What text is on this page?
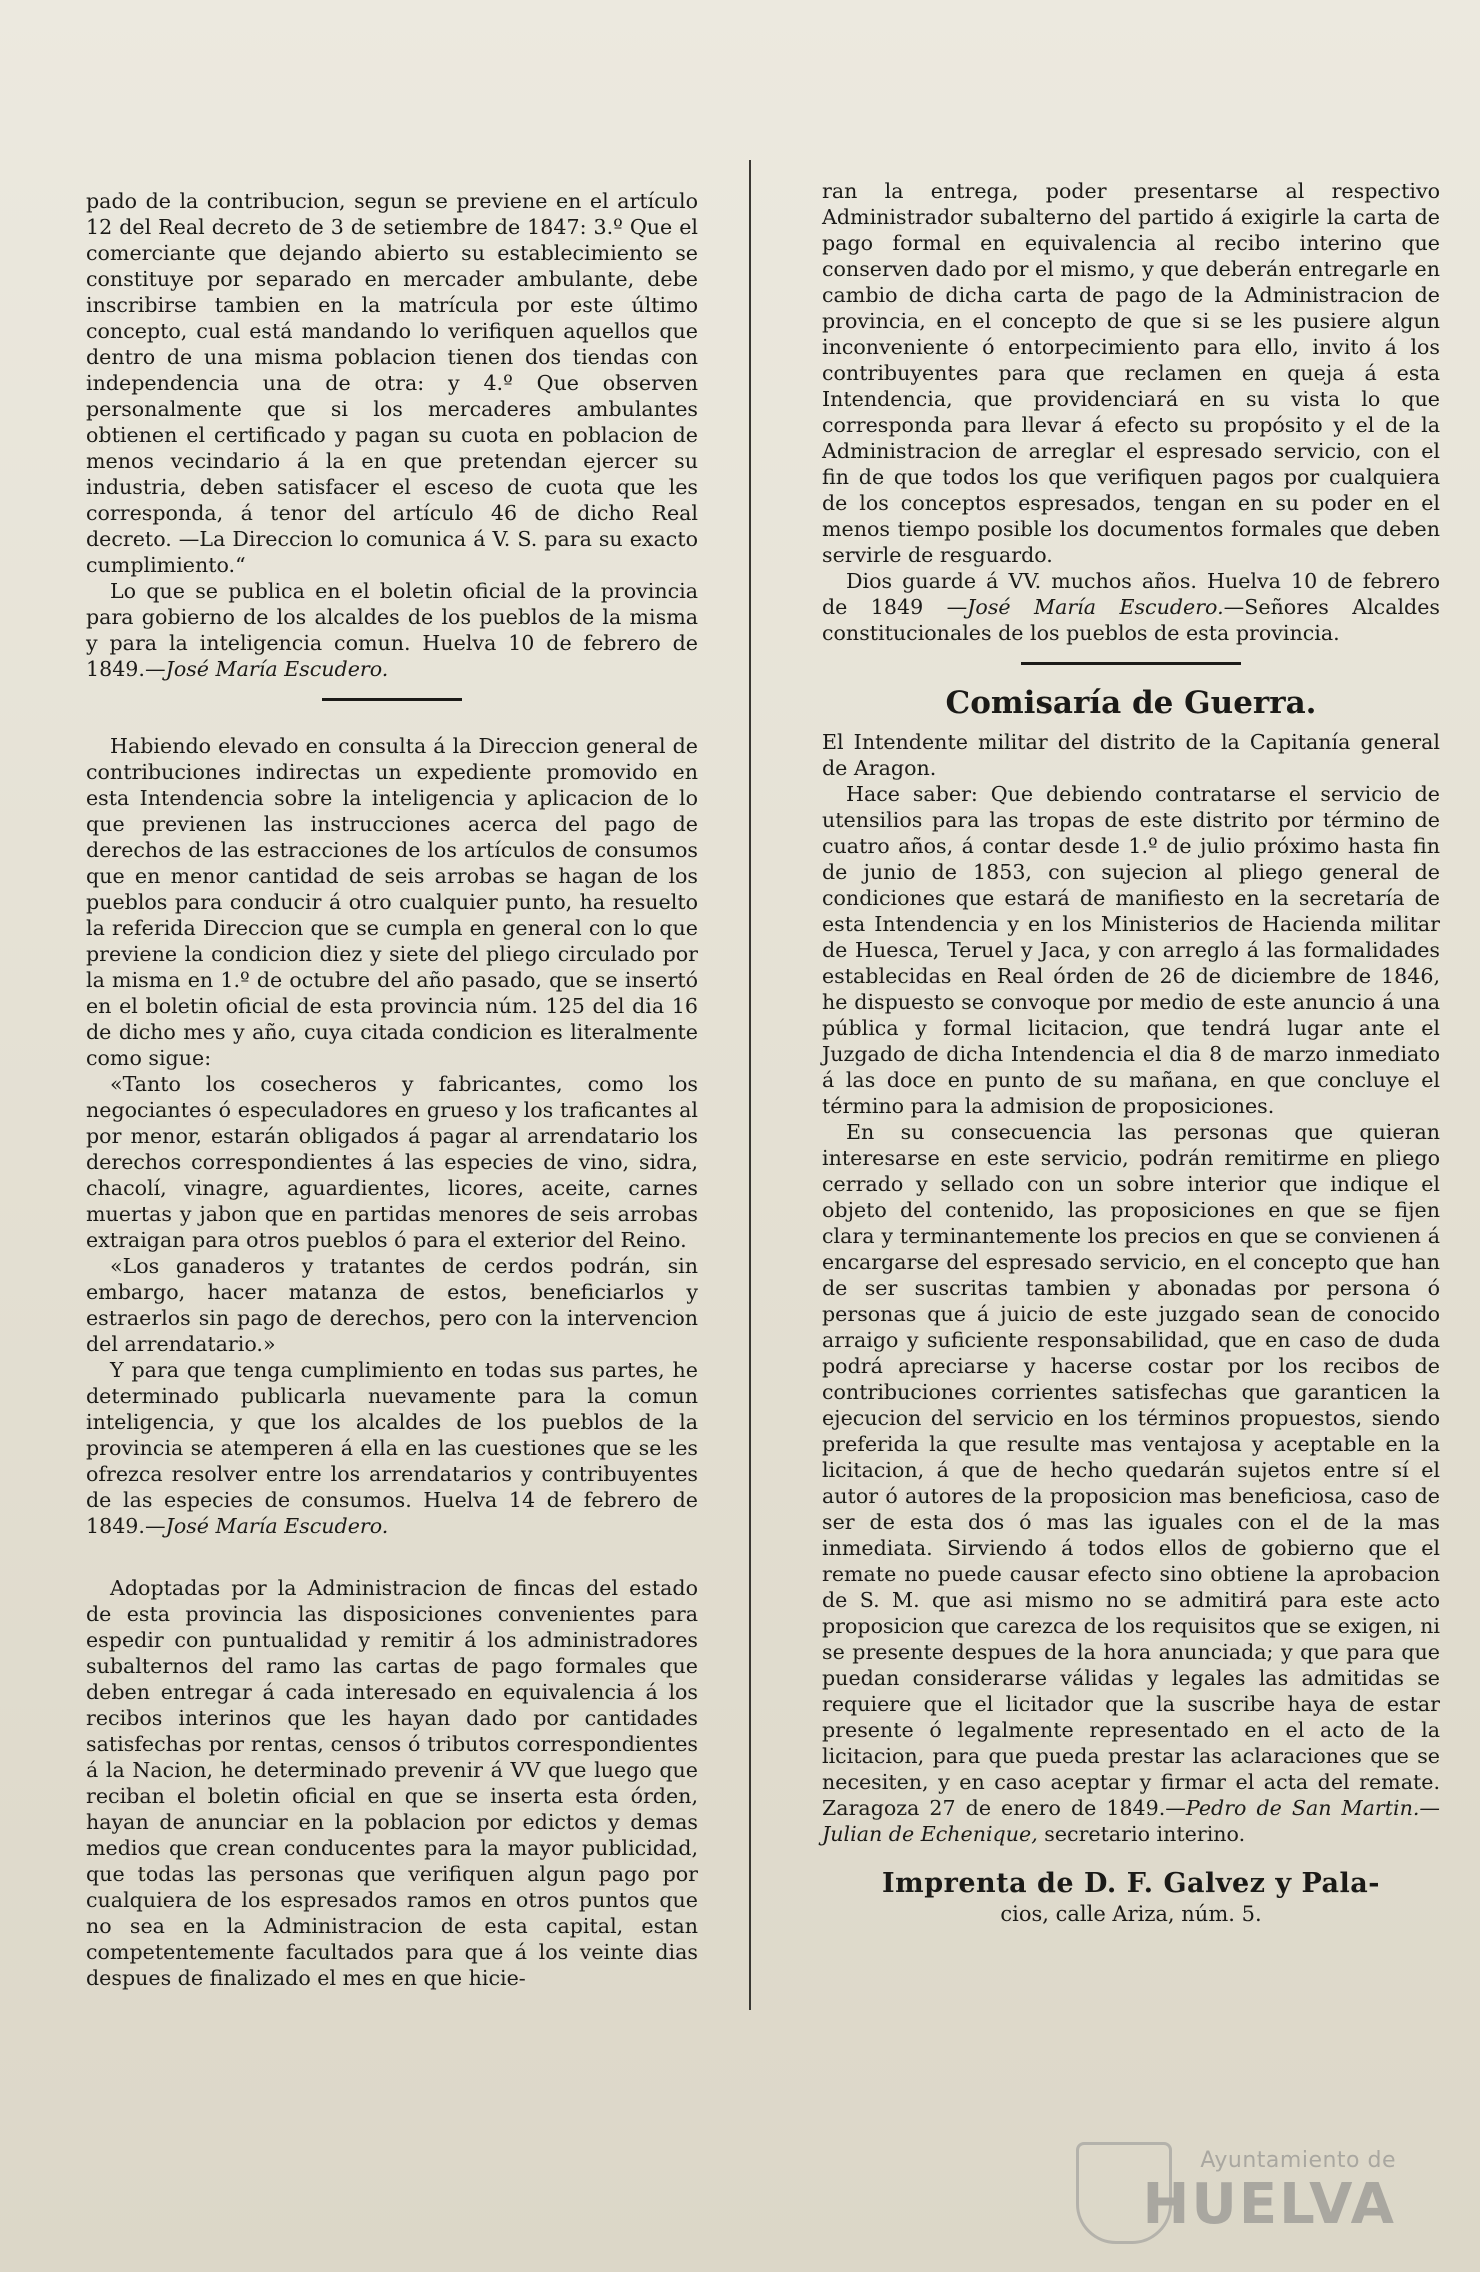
pado de la contribucion, segun se previene en el artículo 12 del Real decreto de 3 de setiembre de 1847: 3.º Que el comerciante que dejando abierto su establecimiento se constituye por separado en mercader ambulante, debe inscribirse tambien en la matrícula por este último concepto, cual está mandando lo verifiquen aquellos que dentro de una misma poblacion tienen dos tiendas con independencia una de otra: y 4.º Que observen personalmente que si los mercaderes ambulantes obtienen el certificado y pagan su cuota en poblacion de menos vecindario á la en que pretendan ejercer su industria, deben satisfacer el esceso de cuota que les corresponda, á tenor del artículo 46 de dicho Real decreto. —La Direccion lo comunica á V. S. para su exacto cumplimiento.“

Lo que se publica en el boletin oficial de la provincia para gobierno de los alcaldes de los pueblos de la misma y para la inteligencia comun. Huelva 10 de febrero de 1849.—José María Escudero.

Habiendo elevado en consulta á la Direccion general de contribuciones indirectas un expediente promovido en esta Intendencia sobre la inteligencia y aplicacion de lo que previenen las instrucciones acerca del pago de derechos de las estracciones de los artículos de consumos que en menor cantidad de seis arrobas se hagan de los pueblos para conducir á otro cualquier punto, ha resuelto la referida Direccion que se cumpla en general con lo que previene la condicion diez y siete del pliego circulado por la misma en 1.º de octubre del año pasado, que se insertó en el boletin oficial de esta provincia núm. 125 del dia 16 de dicho mes y año, cuya citada condicion es literalmente como sigue:

«Tanto los cosecheros y fabricantes, como los negociantes ó especuladores en grueso y los traficantes al por menor, estarán obligados á pagar al arrendatario los derechos correspondientes á las especies de vino, sidra, chacolí, vinagre, aguardientes, licores, aceite, carnes muertas y jabon que en partidas menores de seis arrobas extraigan para otros pueblos ó para el exterior del Reino.

«Los ganaderos y tratantes de cerdos podrán, sin embargo, hacer matanza de estos, beneficiarlos y estraerlos sin pago de derechos, pero con la intervencion del arrendatario.»

Y para que tenga cumplimiento en todas sus partes, he determinado publicarla nuevamente para la comun inteligencia, y que los alcaldes de los pueblos de la provincia se atemperen á ella en las cuestiones que se les ofrezca resolver entre los arrendatarios y contribuyentes de las especies de consumos. Huelva 14 de febrero de 1849.—José María Escudero.

Adoptadas por la Administracion de fincas del estado de esta provincia las disposiciones convenientes para espedir con puntualidad y remitir á los administradores subalternos del ramo las cartas de pago formales que deben entregar á cada interesado en equivalencia á los recibos interinos que les hayan dado por cantidades satisfechas por rentas, censos ó tributos correspondientes á la Nacion, he determinado prevenir á VV que luego que reciban el boletin oficial en que se inserta esta órden, hayan de anunciar en la poblacion por edictos y demas medios que crean conducentes para la mayor publicidad, que todas las personas que verifiquen algun pago por cualquiera de los espresados ramos en otros puntos que no sea en la Administracion de esta capital, estan competentemente facultados para que á los veinte dias despues de finalizado el mes en que hicie-

ran la entrega, poder presentarse al respectivo Administrador subalterno del partido á exigirle la carta de pago formal en equivalencia al recibo interino que conserven dado por el mismo, y que deberán entregarle en cambio de dicha carta de pago de la Administracion de provincia, en el concepto de que si se les pusiere algun inconveniente ó entorpecimiento para ello, invito á los contribuyentes para que reclamen en queja á esta Intendencia, que providenciará en su vista lo que corresponda para llevar á efecto su propósito y el de la Administracion de arreglar el espresado servicio, con el fin de que todos los que verifiquen pagos por cualquiera de los conceptos espresados, tengan en su poder en el menos tiempo posible los documentos formales que deben servirle de resguardo.

Dios guarde á VV. muchos años. Huelva 10 de febrero de 1849 —José María Escudero.—Señores Alcaldes constitucionales de los pueblos de esta provincia.

Comisaría de Guerra.

El Intendente militar del distrito de la Capitanía general de Aragon.

Hace saber: Que debiendo contratarse el servicio de utensilios para las tropas de este distrito por término de cuatro años, á contar desde 1.º de julio próximo hasta fin de junio de 1853, con sujecion al pliego general de condiciones que estará de manifiesto en la secretaría de esta Intendencia y en los Ministerios de Hacienda militar de Huesca, Teruel y Jaca, y con arreglo á las formalidades establecidas en Real órden de 26 de diciembre de 1846, he dispuesto se convoque por medio de este anuncio á una pública y formal licitacion, que tendrá lugar ante el Juzgado de dicha Intendencia el dia 8 de marzo inmediato á las doce en punto de su mañana, en que concluye el término para la admision de proposiciones.

En su consecuencia las personas que quieran interesarse en este servicio, podrán remitirme en pliego cerrado y sellado con un sobre interior que indique el objeto del contenido, las proposiciones en que se fijen clara y terminantemente los precios en que se convienen á encargarse del espresado servicio, en el concepto que han de ser suscritas tambien y abonadas por persona ó personas que á juicio de este juzgado sean de conocido arraigo y suficiente responsabilidad, que en caso de duda podrá apreciarse y hacerse costar por los recibos de contribuciones corrientes satisfechas que garanticen la ejecucion del servicio en los términos propuestos, siendo preferida la que resulte mas ventajosa y aceptable en la licitacion, á que de hecho quedarán sujetos entre sí el autor ó autores de la proposicion mas beneficiosa, caso de ser de esta dos ó mas las iguales con el de la mas inmediata. Sirviendo á todos ellos de gobierno que el remate no puede causar efecto sino obtiene la aprobacion de S. M. que asi mismo no se admitirá para este acto proposicion que carezca de los requisitos que se exigen, ni se presente despues de la hora anunciada; y que para que puedan considerarse válidas y legales las admitidas se requiere que el licitador que la suscribe haya de estar presente ó legalmente representado en el acto de la licitacion, para que pueda prestar las aclaraciones que se necesiten, y en caso aceptar y firmar el acta del remate. Zaragoza 27 de enero de 1849.—Pedro de San Martin.—Julian de Echenique, secretario interino.

Imprenta de D. F. Galvez y Pala-
cios, calle Ariza, núm. 5.
Ayuntamiento de
HUELVA
